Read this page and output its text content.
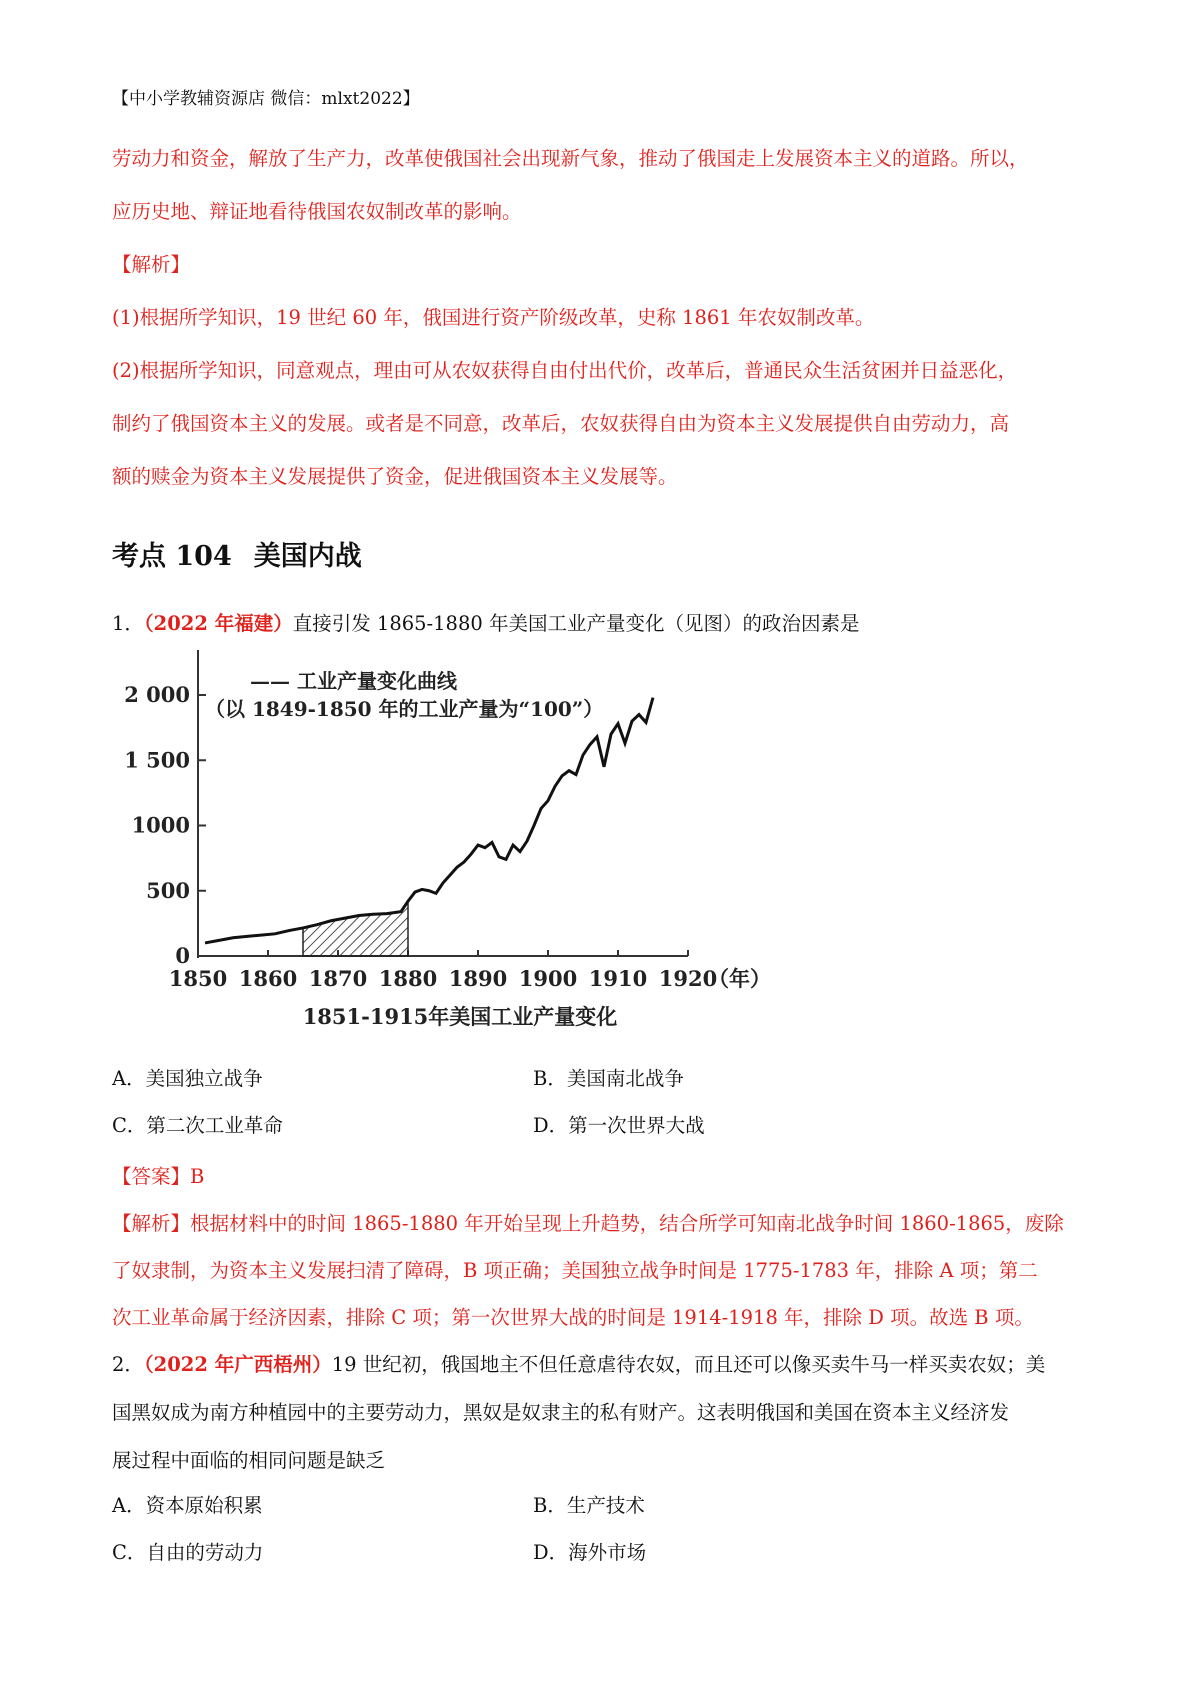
【中小学教辅资源店 微信：mlxt2022】
劳动力和资金，解放了生产力，改革使俄国社会出现新气象，推动了俄国走上发展资本主义的道路。所以，
应历史地、辩证地看待俄国农奴制改革的影响。
【解析】
(1)根据所学知识，19 世纪 60 年，俄国进行资产阶级改革，史称 1861 年农奴制改革。
(2)根据所学知识，同意观点，理由可从农奴获得自由付出代价，改革后，普通民众生活贫困并日益恶化，
制约了俄国资本主义的发展。或者是不同意，改革后，农奴获得自由为资本主义发展提供自由劳动力，高
额的赎金为资本主义发展提供了资金，促进俄国资本主义发展等。
考点 104 美国内战
1．（2022 年福建）直接引发 1865-1880 年美国工业产量变化（见图）的政治因素是
0
500
1000
1 500
2 000
1850 1860 1870 1880 1890 1900 1910 1920
（年）
—— 工业产量变化曲线
（以 1849-1850 年的工业产量为“100”）
1851-1915年美国工业产量变化
A．美国独立战争	B．美国南北战争
C．第二次工业革命	D．第一次世界大战
【答案】B
【解析】根据材料中的时间 1865-1880 年开始呈现上升趋势，结合所学可知南北战争时间 1860-1865，废除
了奴隶制，为资本主义发展扫清了障碍，B 项正确；美国独立战争时间是 1775-1783 年，排除 A 项；第二
次工业革命属于经济因素，排除 C 项；第一次世界大战的时间是 1914-1918 年，排除 D 项。故选 B 项。
2．（2022 年广西梧州）19 世纪初，俄国地主不但任意虐待农奴，而且还可以像买卖牛马一样买卖农奴；美
国黑奴成为南方种植园中的主要劳动力，黑奴是奴隶主的私有财产。这表明俄国和美国在资本主义经济发
展过程中面临的相同问题是缺乏
A．资本原始积累	B．生产技术
C．自由的劳动力	D．海外市场
